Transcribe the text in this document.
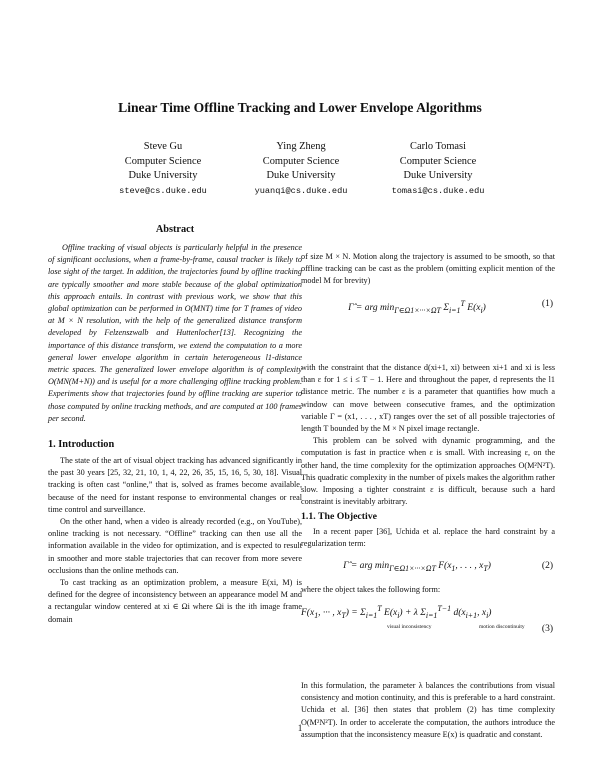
Linear Time Offline Tracking and Lower Envelope Algorithms
Steve Gu
Computer Science
Duke University
steve@cs.duke.edu
Ying Zheng
Computer Science
Duke University
yuanqi@cs.duke.edu
Carlo Tomasi
Computer Science
Duke University
tomasi@cs.duke.edu
Abstract
Offline tracking of visual objects is particularly helpful in the presence of significant occlusions, when a frame-by-frame, causal tracker is likely to lose sight of the target. In addition, the trajectories found by offline tracking are typically smoother and more stable because of the global optimization this approach entails. In contrast with previous work, we show that this global optimization can be performed in O(MNT) time for T frames of video at M × N resolution, with the help of the generalized distance transform developed by Felzenszwalb and Huttenlocher[13]. Recognizing the importance of this distance transform, we extend the computation to a more general lower envelope algorithm in certain heterogeneous l1-distance metric spaces. The generalized lower envelope algorithm is of complexity O(MN(M+N)) and is useful for a more challenging offline tracking problem. Experiments show that trajectories found by offline tracking are superior to those computed by online tracking methods, and are computed at 100 frames per second.
1. Introduction

The state of the art of visual object tracking has advanced significantly in the past 30 years [25, 32, 21, 10, 1, 4, 22, 26, 35, 15, 16, 5, 30, 18]. Visual tracking is often cast “online,” that is, solved as frames become available, because of the need for instant response to environmental changes or real time control and surveillance.

On the other hand, when a video is already recorded (e.g., on YouTube), online tracking is not necessary. “Offline” tracking can then use all the information available in the video for optimization, and is expected to result in smoother and more stable trajectories that can recover from more severe occlusions than the online methods can.

To cast tracking as an optimization problem, a measure E(xi, M) is defined for the degree of inconsistency between an appearance model M and a rectangular window centered at xi ∈ Ωi where Ωi is the ith image frame domain

of size M × N. Motion along the trajectory is assumed to be smooth, so that offline tracking can be cast as the problem (omitting explicit mention of the model M for brevity)

Γ̂ = arg $\min_{\Gamma\in\Omega 1\times\cdot\cdot\cdot\times\Omega T} \Sigma_{i=1}^T$ $E(x_i)$	(1)

with the constraint that the distance d(xi+1, xi) between xi+1 and xi is less than ε for 1 ≤ i ≤ T − 1. Here and throughout the paper, d represents the l1 distance metric. The number ε is a parameter that quantifies how much a window can move between consecutive frames, and the optimization variable Γ = (x1, . . . , xT) ranges over the set of all possible trajectories of length T bounded by the M × N pixel image rectangle.

This problem can be solved with dynamic programming, and the computation is fast in practice when ε is small. With increasing ε, on the other hand, the time complexity for the optimization approaches O(M²N²T). This quadratic complexity in the number of pixels makes the algorithm rather slow. Imposing a tighter constraint ε is difficult, because such a hard constraint is inevitably arbitrary.

1.1. The Objective

In a recent paper [36], Uchida et al. replace the hard constraint by a regularization term:

Γ̂ = arg $\min_{\Gamma\in\Omega 1\times\cdot\cdot\cdot\times\Omega T} F(x_1$, . . . , $x_T$)	(2)

where the object takes the following form:

$F(x_1$, ··· , $x_T) = \Sigma_{i=1}^T$ $E(x_i) + \lambda$ $\Sigma_{i=1}^{T-1}$ $d(x_{i+1}$, $x_i$)
visual inconsistency	motion discontinuity (3)

In this formulation, the parameter λ balances the contributions from visual consistency and motion continuity, and this is preferable to a hard constraint. Uchida et al. [36] then states that problem (2) has time complexity O(M²N²T). In order to accelerate the computation, the authors introduce the assumption that the inconsistency measure E(x) is quadratic and constant.

1
